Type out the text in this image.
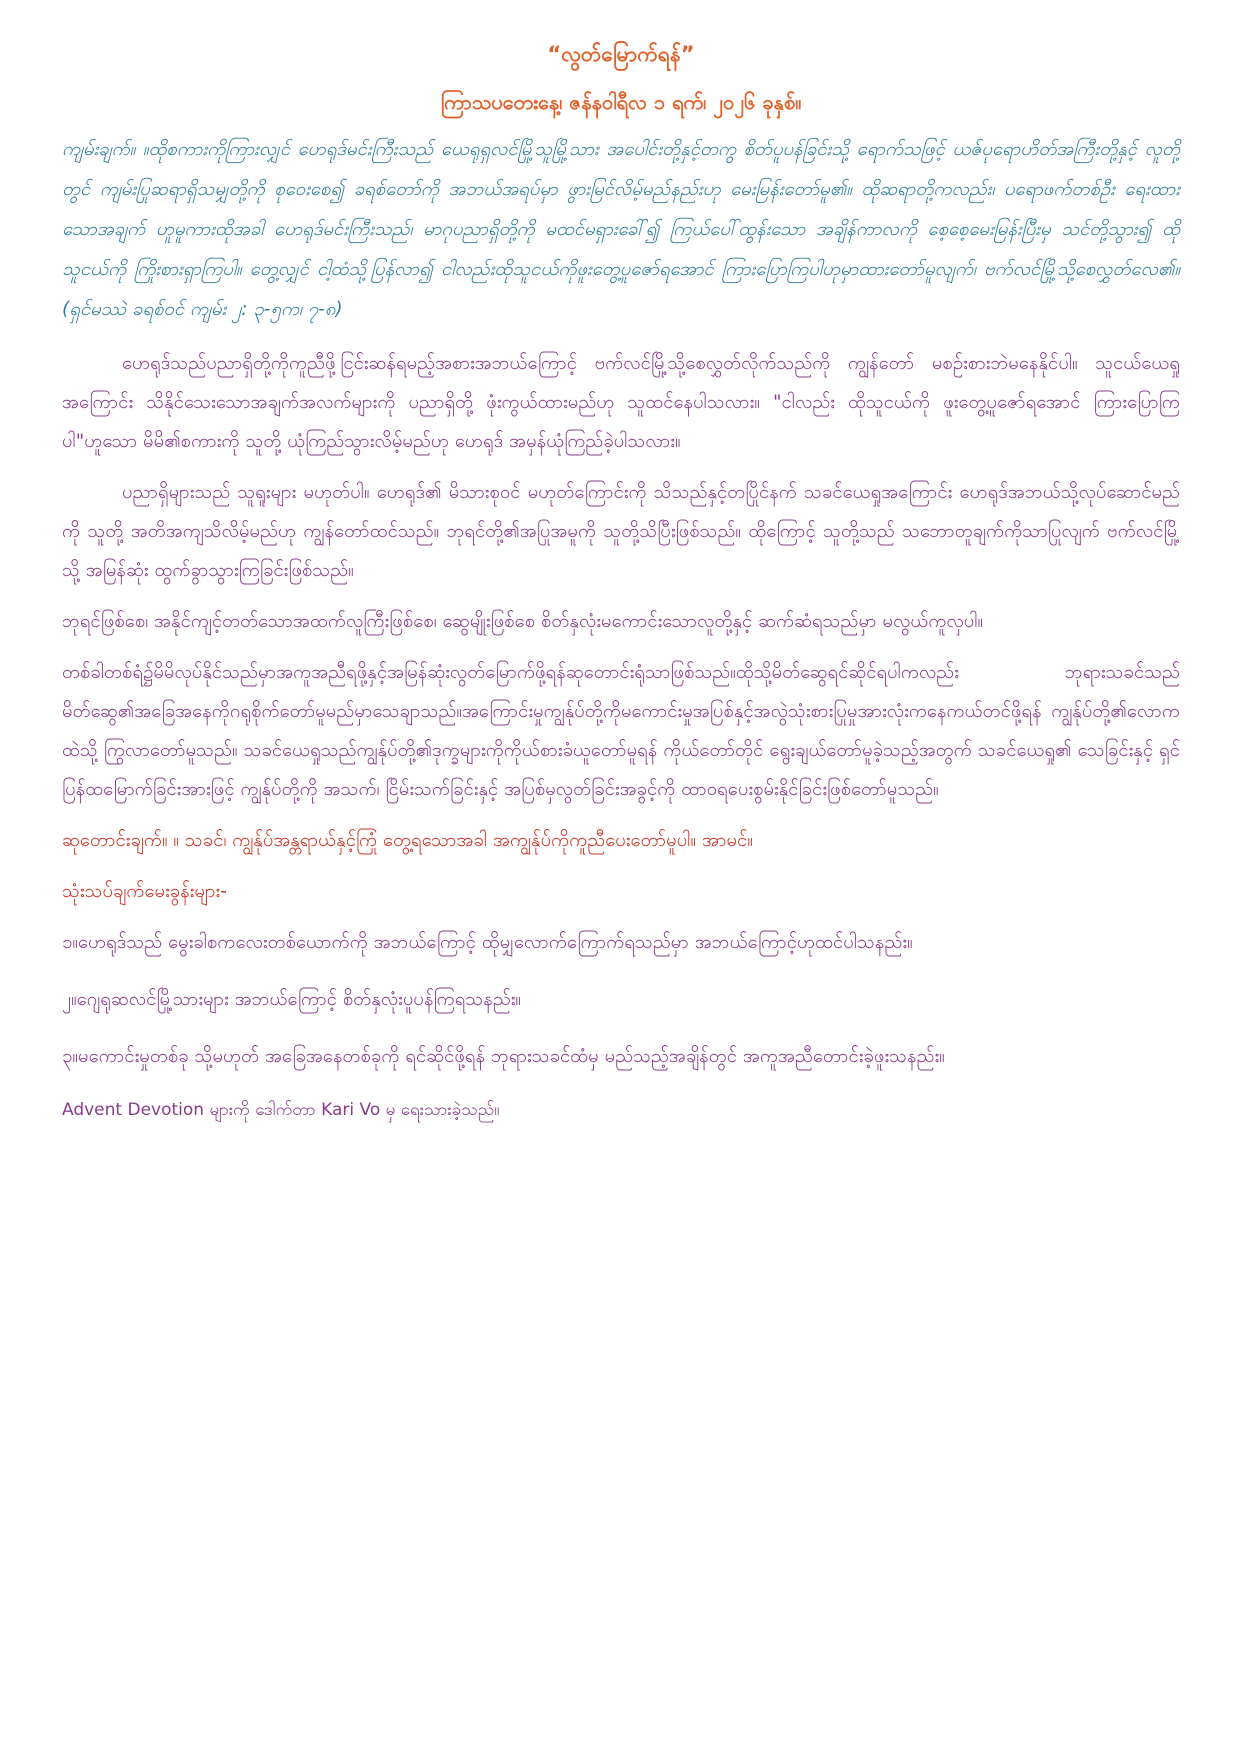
“လွတ်မြောက်ရန်”
ကြာသပတေးနေ့၊ ဇန်နဝါရီလ ၁ ရက်၊ ၂၀၂၆ ခုနှစ်။

ကျမ်းချက်။ ။ထိုစကားကိုကြားလျှင် ဟေရုဒ်မင်းကြီးသည် ယေရုရှလင်မြို့သူမြို့သား အပေါင်းတို့နှင့်တကွ စိတ်ပူပန်ခြင်းသို့ ရောက်သဖြင့် ယဇ်ပုရောဟိတ်အကြီးတို့နှင့် လူတို့တွင် ကျမ်းပြုဆရာရှိသမျှတို့ကို စုဝေးစေ၍ ခရစ်တော်ကို အဘယ်အရပ်မှာ ဖွားမြင်လိမ့်မည်နည်းဟု မေးမြန်းတော်မူ၏။ ထိုဆရာတို့ကလည်း၊ ပရောဖက်တစ်ဦး ရေးထားသောအချက် ဟူမူကားထိုအခါ ဟေရုဒ်မင်းကြီးသည်၊ မာဂုပညာရှိတို့ကို မထင်မရှားခေါ်၍ ကြယ်ပေါ်ထွန်းသော အချိန်ကာလကို စေ့စေ့မေးမြန်းပြီးမှ သင်တို့သွား၍ ထိုသူငယ်ကို ကြိုးစားရှာကြပါ။ တွေ့လျှင် ငါ့ထံသို့ပြန်လာ၍ ငါလည်းထိုသူငယ်ကိုဖူးတွေ့ပူဇော်ရအောင် ကြားပြောကြပါဟုမှာထားတော်မူလျက်၊ ဗက်လင်မြို့သို့စေလွှတ်လေ၏။ (ရှင်မဿဲ ခရစ်ဝင် ကျမ်း ၂: ၃-၅က၊ ၇-၈)

ဟေရုဒ်သည်ပညာရှိတို့ကိုကူညီဖို့ငြင်းဆန်ရမည့်အစားအဘယ်ကြောင့် ဗက်လင်မြို့သို့စေလွှတ်လိုက်သည်ကို ကျွန်တော် မစဉ်းစားဘဲမနေနိုင်ပါ။ သူငယ်ယေရှုအကြောင်း သိနိုင်သေးသောအချက်အလက်များကို ပညာရှိတို့ ဖုံးကွယ်ထားမည်ဟု သူထင်နေပါသလား။ "ငါလည်း ထိုသူငယ်ကို ဖူးတွေ့ပူဇော်ရအောင် ကြားပြောကြပါ"ဟူသော မိမိ၏စကားကို သူတို့ ယုံကြည်သွားလိမ့်မည်ဟု ဟေရုဒ် အမှန်ယုံကြည်ခဲ့ပါသလား။

ပညာရှိများသည် သူရူးများ မဟုတ်ပါ။ ဟေရုဒ်၏ မိသားစုဝင် မဟုတ်ကြောင်းကို သိသည်နှင့်တပြိုင်နက် သခင်ယေရှုအကြောင်း ဟေရုဒ်အဘယ်သို့လုပ်ဆောင်မည်ကို သူတို့ အတိအကျသိလိမ့်မည်ဟု ကျွန်တော်ထင်သည်။ ဘုရင်တို့၏အပြုအမူကို သူတို့သိပြီးဖြစ်သည်။ ထိုကြောင့် သူတို့သည် သဘောတူချက်ကိုသာပြုလျက် ဗက်လင်မြို့သို့ အမြန်ဆုံး ထွက်ခွာသွားကြခြင်းဖြစ်သည်။

ဘုရင်ဖြစ်စေ၊ အနိုင်ကျင့်တတ်သောအထက်လူကြီးဖြစ်စေ၊ ဆွေမျိုးဖြစ်စေ စိတ်နှလုံးမကောင်းသောလူတို့နှင့် ဆက်ဆံရသည်မှာ မလွယ်ကူလှပါ။

တစ်ခါတစ်ရံ၌မိမိလုပ်နိုင်သည်မှာအကူအညီရဖို့နှင့်အမြန်ဆုံးလွတ်မြောက်ဖို့ရန်ဆုတောင်းရုံသာဖြစ်သည်။ထိုသို့မိတ်ဆွေရင်ဆိုင်ရပါကလည်း ဘုရားသခင်သည်မိတ်ဆွေ၏အခြေအနေကိုဂရုစိုက်တော်မူမည်မှာသေချာသည်။အကြောင်းမှုကျွန်ုပ်တို့ကိုမကောင်းမှုအပြစ်နှင့်အလွဲသုံးစားပြုမှုအားလုံးကနေကယ်တင်ဖို့ရန် ကျွန်ုပ်တို့၏လောကထဲသို့ ကြွလာတော်မူသည်။ သခင်ယေရှုသည်ကျွန်ုပ်တို့၏ဒုက္ခများကိုကိုယ်စားခံယူတော်မူရန် ကိုယ်တော်တိုင် ရွေးချယ်တော်မူခဲ့သည့်အတွက် သခင်ယေရှု၏ သေခြင်းနှင့် ရှင်ပြန်ထမြောက်ခြင်းအားဖြင့် ကျွန်ုပ်တို့ကို အသက်၊ ငြိမ်းသက်ခြင်းနှင့် အပြစ်မှလွတ်ခြင်းအခွင့်ကို ထာဝရပေးစွမ်းနိုင်ခြင်းဖြစ်တော်မူသည်။

ဆုတောင်းချက်။ ။ သခင်၊ ကျွန်ုပ်အန္တရာယ်နှင့်ကြုံ တွေ့ရသောအခါ အကျွန်ုပ်ကိုကူညီပေးတော်မူပါ။ အာမင်။

သုံးသပ်ချက်မေးခွန်းများ-

၁။ဟေရုဒ်သည် မွေးခါစကလေးတစ်ယောက်ကို အဘယ်ကြောင့် ထိုမျှလောက်ကြောက်ရသည်မှာ အဘယ်ကြောင့်ဟုထင်ပါသနည်း။

၂။ဂျေရုဆလင်မြို့သားများ အဘယ်ကြောင့် စိတ်နှလုံးပူပန်ကြရသနည်း။

၃။မကောင်းမှုတစ်ခု သို့မဟုတ် အခြေအနေတစ်ခုကို ရင်ဆိုင်ဖို့ရန် ဘုရားသခင်ထံမှ မည်သည့်အချိန်တွင် အကူအညီတောင်းခဲ့ဖူးသနည်း။

Advent Devotion များကို ဒေါက်တာ Kari Vo မှ ရေးသားခဲ့သည်။
